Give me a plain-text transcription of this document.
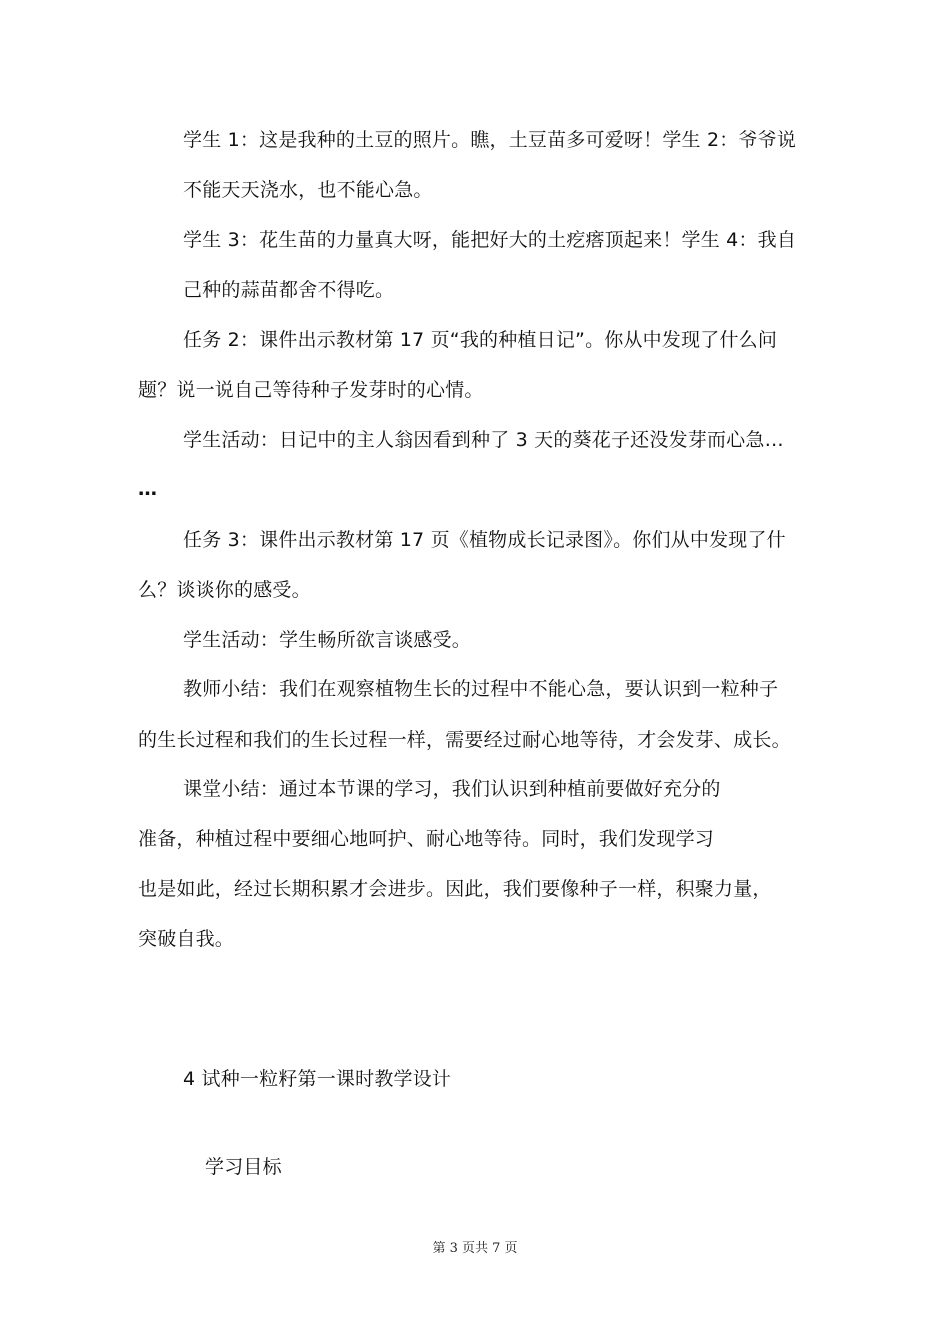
学生 1：这是我种的土豆的照片。瞧，土豆苗多可爱呀！学生 2：爷爷说
不能天天浇水，也不能心急。
学生 3：花生苗的力量真大呀，能把好大的土疙瘩顶起来！学生 4：我自
己种的蒜苗都舍不得吃。
任务 2：课件出示教材第 17 页“我的种植日记”。你从中发现了什么问
题？说一说自己等待种子发芽时的心情。
学生活动：日记中的主人翁因看到种了 3 天的葵花子还没发芽而心急…
…
任务 3：课件出示教材第 17 页《植物成长记录图》。你们从中发现了什
么？谈谈你的感受。
学生活动：学生畅所欲言谈感受。
教师小结：我们在观察植物生长的过程中不能心急，要认识到一粒种子
的生长过程和我们的生长过程一样，需要经过耐心地等待，才会发芽、成长。
课堂小结：通过本节课的学习，我们认识到种植前要做好充分的
准备，种植过程中要细心地呵护、耐心地等待。同时，我们发现学习
也是如此，经过长期积累才会进步。因此，我们要像种子一样，积聚力量，
突破自我。
4 试种一粒籽第一课时教学设计
学习目标
第 3 页共 7 页
